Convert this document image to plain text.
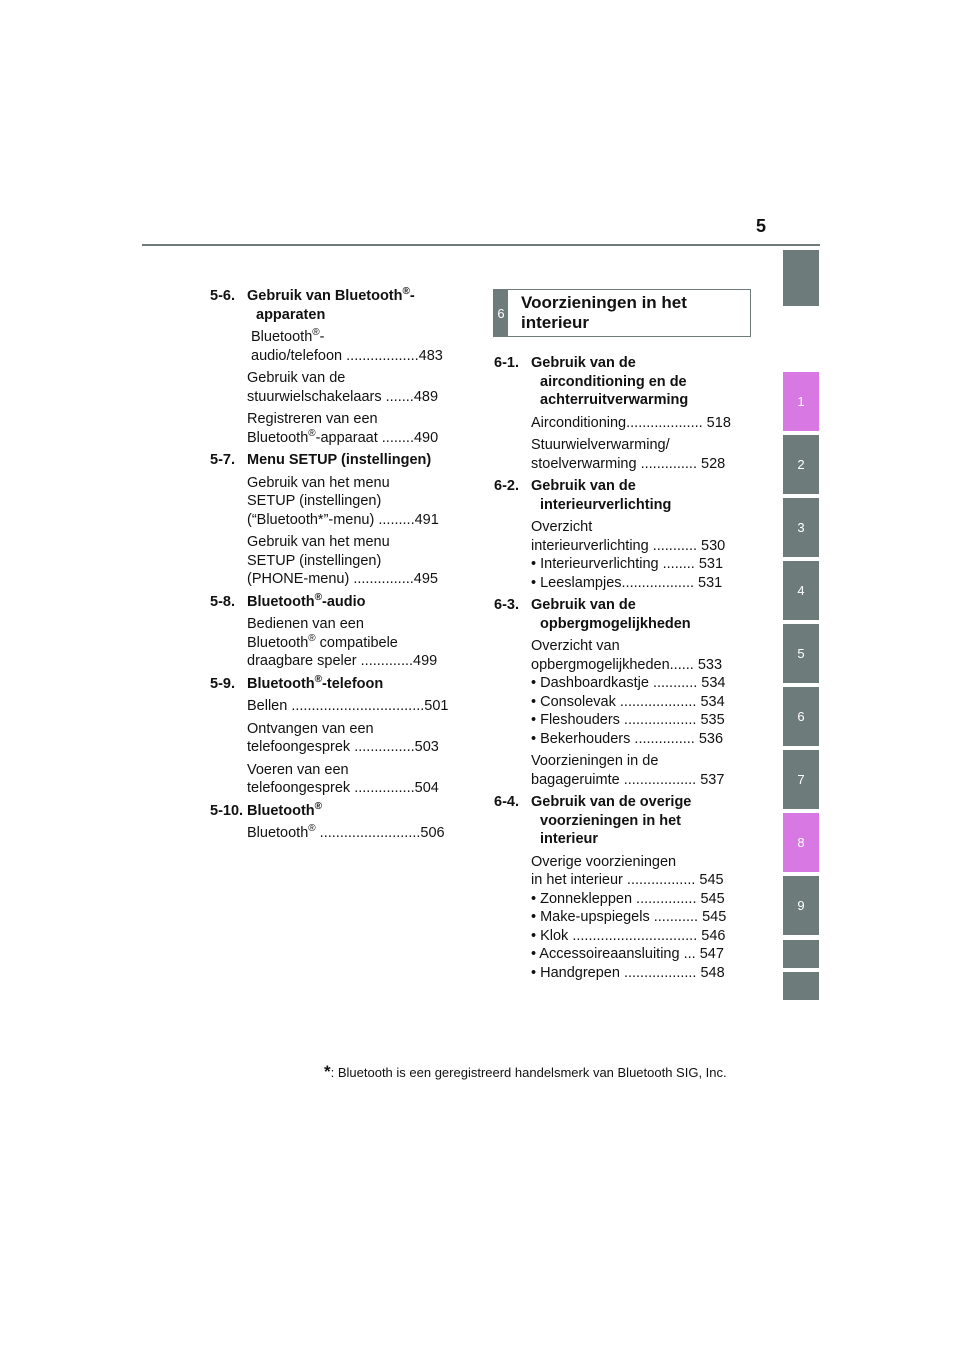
5
1
2
3
4
5
6
7
8
9
5-6. Gebruik van Bluetooth®-
apparaten
Bluetooth®-
audio/telefoon ..................483
Gebruik van de
stuurwielschakelaars .......489
Registreren van een
Bluetooth®-apparaat ........490
5-7. Menu SETUP (instellingen)
Gebruik van het menu
SETUP (instellingen)
(“Bluetooth*”-menu) .........491
Gebruik van het menu
SETUP (instellingen)
(PHONE-menu) ...............495
5-8. Bluetooth®-audio
Bedienen van een
Bluetooth® compatibele
draagbare speler .............499
5-9. Bluetooth®-telefoon
Bellen .................................501
Ontvangen van een
telefoongesprek ...............503
Voeren van een
telefoongesprek ...............504
5-10. Bluetooth®
Bluetooth® .........................506
6
Voorzieningen in het interieur
6-1. Gebruik van de airconditioning en de achterruitverwarming
Airconditioning................... 518
Stuurwielverwarming/
stoelverwarming .............. 528
6-2. Gebruik van de interieurverlichting
Overzicht
interieurverlichting ........... 530
• Interieurverlichting ........ 531
• Leeslampjes.................. 531
6-3. Gebruik van de opbergmogelijkheden
Overzicht van
opbergmogelijkheden...... 533
• Dashboardkastje ........... 534
• Consolevak ................... 534
• Fleshouders .................. 535
• Bekerhouders ............... 536
Voorzieningen in de
bagageruimte .................. 537
6-4. Gebruik van de overige voorzieningen in het interieur
Overige voorzieningen
in het interieur ................. 545
• Zonnekleppen ............... 545
• Make-upspiegels ........... 545
• Klok ............................... 546
• Accessoireaansluiting ... 547
• Handgrepen .................. 548
*: Bluetooth is een geregistreerd handelsmerk van Bluetooth SIG, Inc.
